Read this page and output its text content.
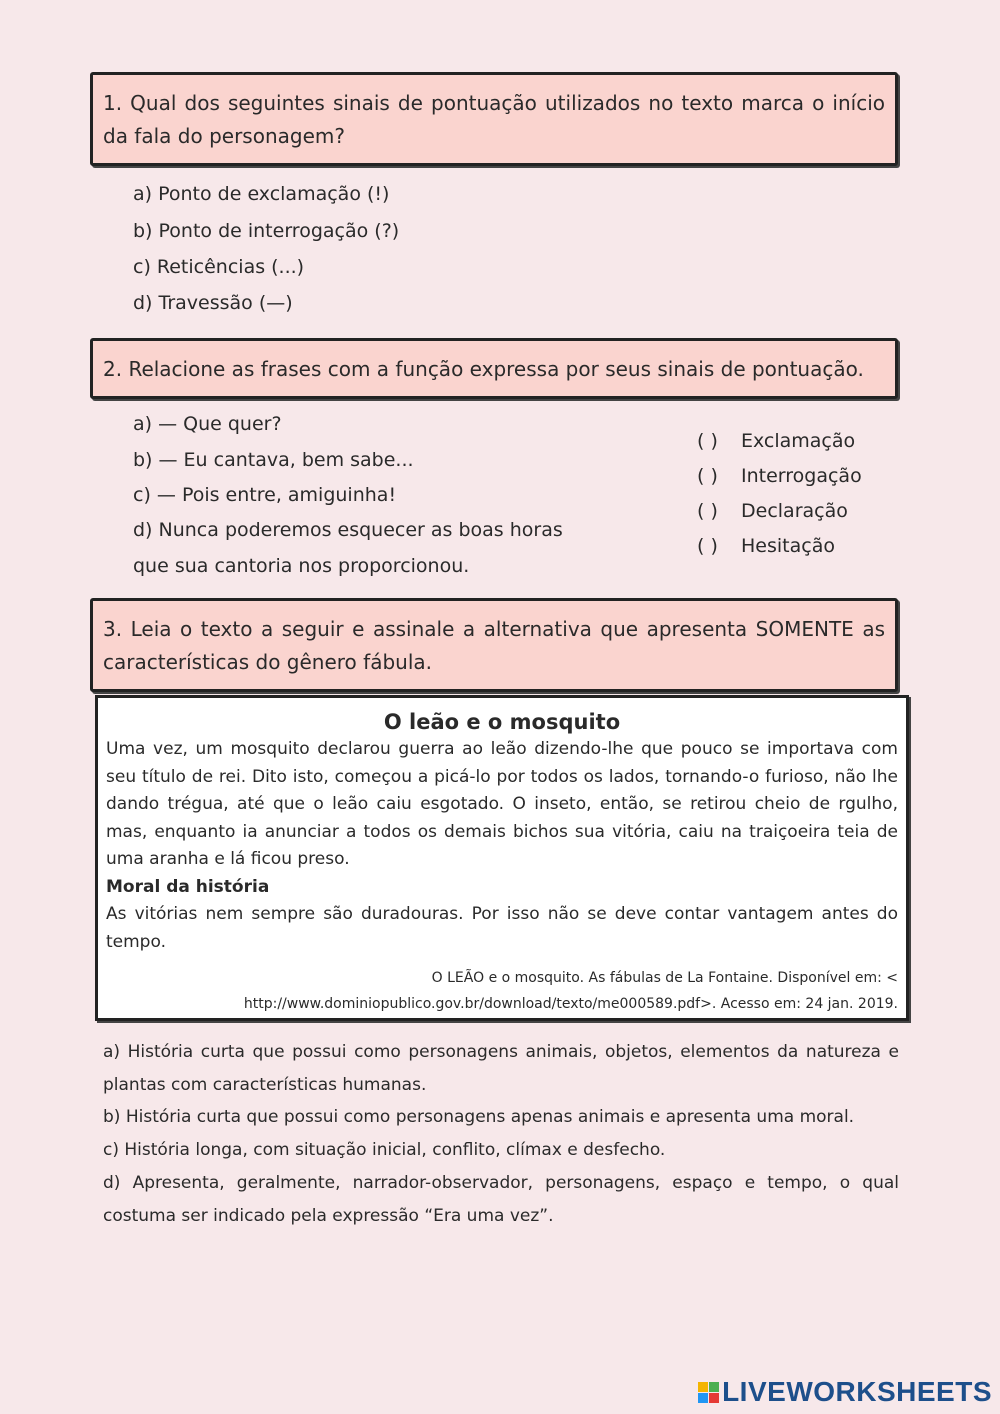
1. Qual dos seguintes sinais de pontuação utilizados no texto marca o início da fala do personagem?
a) Ponto de exclamação (!)
b) Ponto de interrogação (?)
c) Reticências (...)
d) Travessão (—)
2. Relacione as frases com a função expressa por seus sinais de pontuação.
a) — Que quer?
b) — Eu cantava, bem sabe...
c) — Pois entre, amiguinha!
d) Nunca poderemos esquecer as boas horas
que sua cantoria nos proporcionou.
( ) Exclamação
( ) Interrogação
( ) Declaração
( ) Hesitação
3. Leia o texto a seguir e assinale a alternativa que apresenta SOMENTE as características do gênero fábula.
O leão e o mosquito

Uma vez, um mosquito declarou guerra ao leão dizendo-lhe que pouco se importava com seu título de rei. Dito isto, começou a picá-lo por todos os lados, tornando-o furioso, não lhe dando trégua, até que o leão caiu esgotado. O inseto, então, se retirou cheio de rgulho, mas, enquanto ia anunciar a todos os demais bichos sua vitória, caiu na traiçoeira teia de uma aranha e lá ficou preso.

Moral da história

As vitórias nem sempre são duradouras. Por isso não se deve contar vantagem antes do tempo.

O LEÃO e o mosquito. As fábulas de La Fontaine. Disponível em: <
http://www.dominiopublico.gov.br/download/texto/me000589.pdf>. Acesso em: 24 jan. 2019.
a) História curta que possui como personagens animais, objetos, elementos da natureza e plantas com características humanas.
b) História curta que possui como personagens apenas animais e apresenta uma moral.
c) História longa, com situação inicial, conflito, clímax e desfecho.
d) Apresenta, geralmente, narrador-observador, personagens, espaço e tempo, o qual costuma ser indicado pela expressão “Era uma vez”.
LIVEWORKSHEETS
